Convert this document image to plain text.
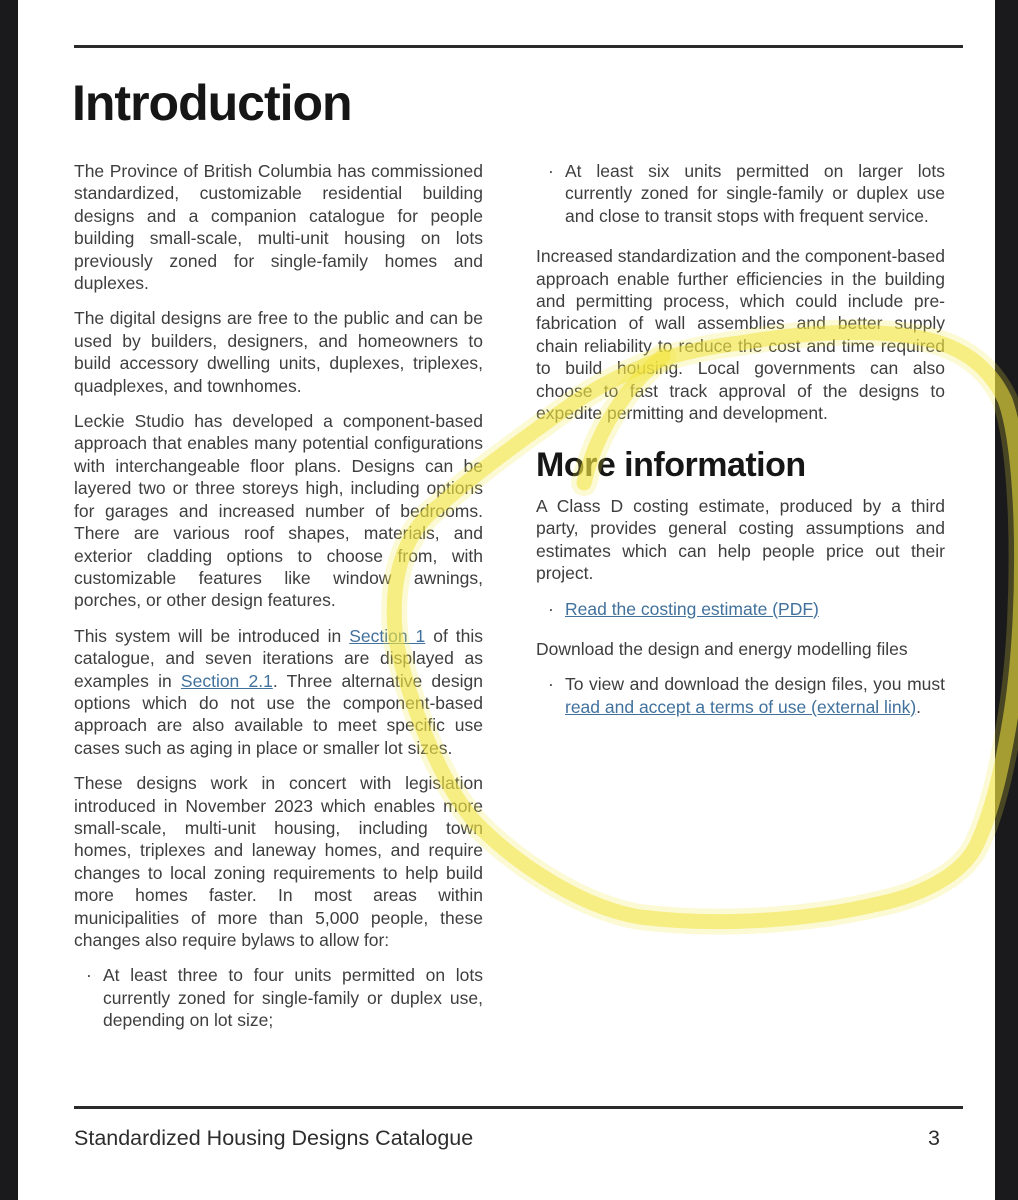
Introduction

The Province of British Columbia has commissioned standardized, customizable residential building designs and a companion catalogue for people building small-scale, multi-unit housing on lots previously zoned for single-family homes and duplexes.

The digital designs are free to the public and can be used by builders, designers, and homeowners to build accessory dwelling units, duplexes, triplexes, quadplexes, and townhomes.

Leckie Studio has developed a component-based approach that enables many potential configurations with interchangeable floor plans. Designs can be layered two or three storeys high, including options for garages and increased number of bedrooms. There are various roof shapes, materials, and exterior cladding options to choose from, with customizable features like window awnings, porches, or other design features.

This system will be introduced in Section 1 of this catalogue, and seven iterations are displayed as examples in Section 2.1. Three alternative design options which do not use the component-based approach are also available to meet specific use cases such as aging in place or smaller lot sizes.

These designs work in concert with legislation introduced in November 2023 which enables more small-scale, multi-unit housing, including town homes, triplexes and laneway homes, and require changes to local zoning requirements to help build more homes faster. In most areas within municipalities of more than 5,000 people, these changes also require bylaws to allow for:

· At least three to four units permitted on lots currently zoned for single-family or duplex use, depending on lot size;
· At least six units permitted on larger lots currently zoned for single-family or duplex use and close to transit stops with frequent service.

Increased standardization and the component-based approach enable further efficiencies in the building and permitting process, which could include pre-fabrication of wall assemblies and better supply chain reliability to reduce the cost and time required to build housing. Local governments can also choose to fast track approval of the designs to expedite permitting and development.

More information

A Class D costing estimate, produced by a third party, provides general costing assumptions and estimates which can help people price out their project.

· Read the costing estimate (PDF)

Download the design and energy modelling files

· To view and download the design files, you must read and accept a terms of use (external link).
Standardized Housing Designs Catalogue	3
